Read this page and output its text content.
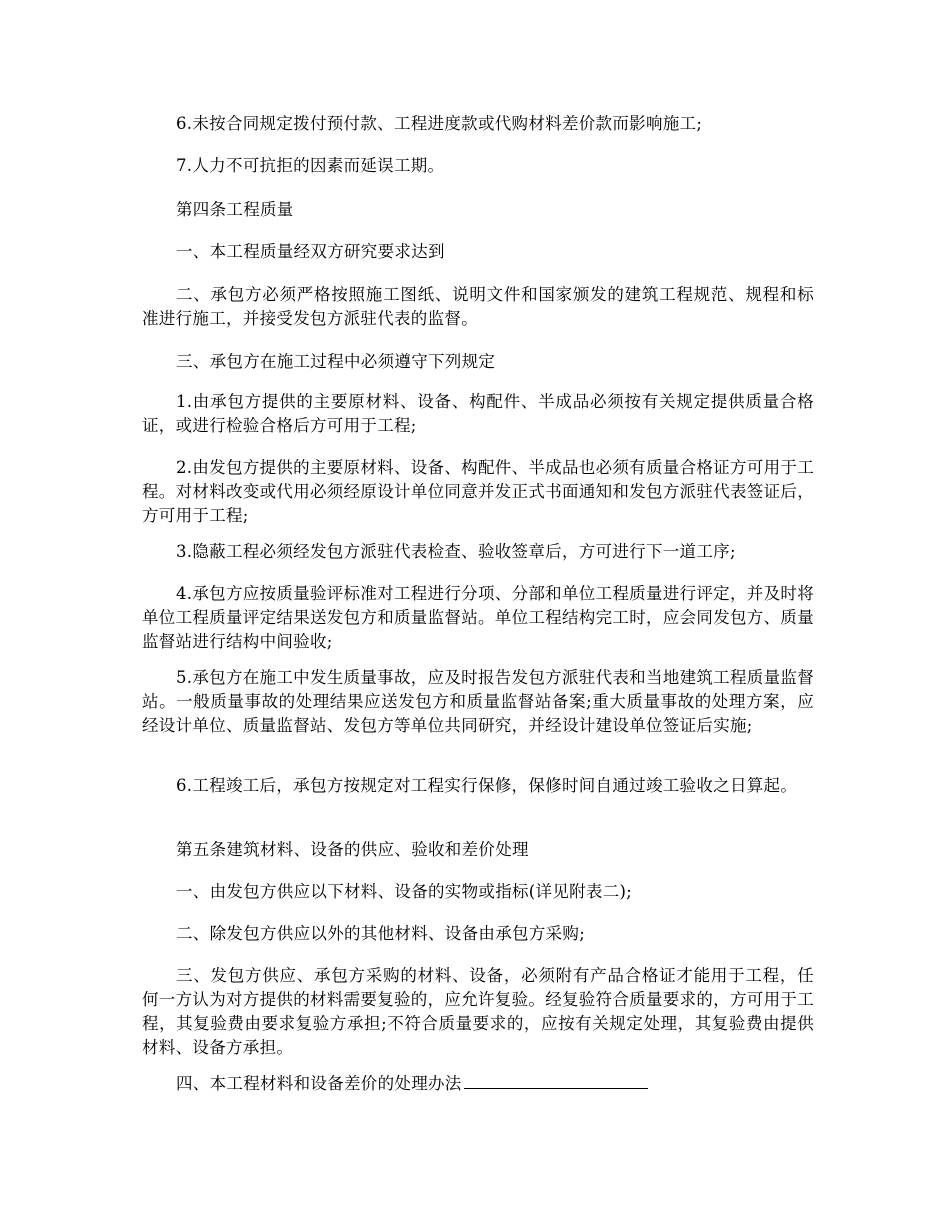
6.未按合同规定拨付预付款、工程进度款或代购材料差价款而影响施工;

7.人力不可抗拒的因素而延误工期。

第四条工程质量

一、本工程质量经双方研究要求达到

二、承包方必须严格按照施工图纸、说明文件和国家颁发的建筑工程规范、规程和标准进行施工，并接受发包方派驻代表的监督。

三、承包方在施工过程中必须遵守下列规定

1.由承包方提供的主要原材料、设备、构配件、半成品必须按有关规定提供质量合格证，或进行检验合格后方可用于工程;

2.由发包方提供的主要原材料、设备、构配件、半成品也必须有质量合格证方可用于工程。对材料改变或代用必须经原设计单位同意并发正式书面通知和发包方派驻代表签证后，方可用于工程;

3.隐蔽工程必须经发包方派驻代表检查、验收签章后，方可进行下一道工序;

4.承包方应按质量验评标准对工程进行分项、分部和单位工程质量进行评定，并及时将单位工程质量评定结果送发包方和质量监督站。单位工程结构完工时，应会同发包方、质量监督站进行结构中间验收;

5.承包方在施工中发生质量事故，应及时报告发包方派驻代表和当地建筑工程质量监督站。一般质量事故的处理结果应送发包方和质量监督站备案;重大质量事故的处理方案，应经设计单位、质量监督站、发包方等单位共同研究，并经设计建设单位签证后实施;

6.工程竣工后，承包方按规定对工程实行保修，保修时间自通过竣工验收之日算起。

第五条建筑材料、设备的供应、验收和差价处理

一、由发包方供应以下材料、设备的实物或指标(详见附表二);

二、除发包方供应以外的其他材料、设备由承包方采购;

三、发包方供应、承包方采购的材料、设备，必须附有产品合格证才能用于工程，任何一方认为对方提供的材料需要复验的，应允许复验。经复验符合质量要求的，方可用于工程，其复验费由要求复验方承担;不符合质量要求的，应按有关规定处理，其复验费由提供材料、设备方承担。

四、本工程材料和设备差价的处理办法
